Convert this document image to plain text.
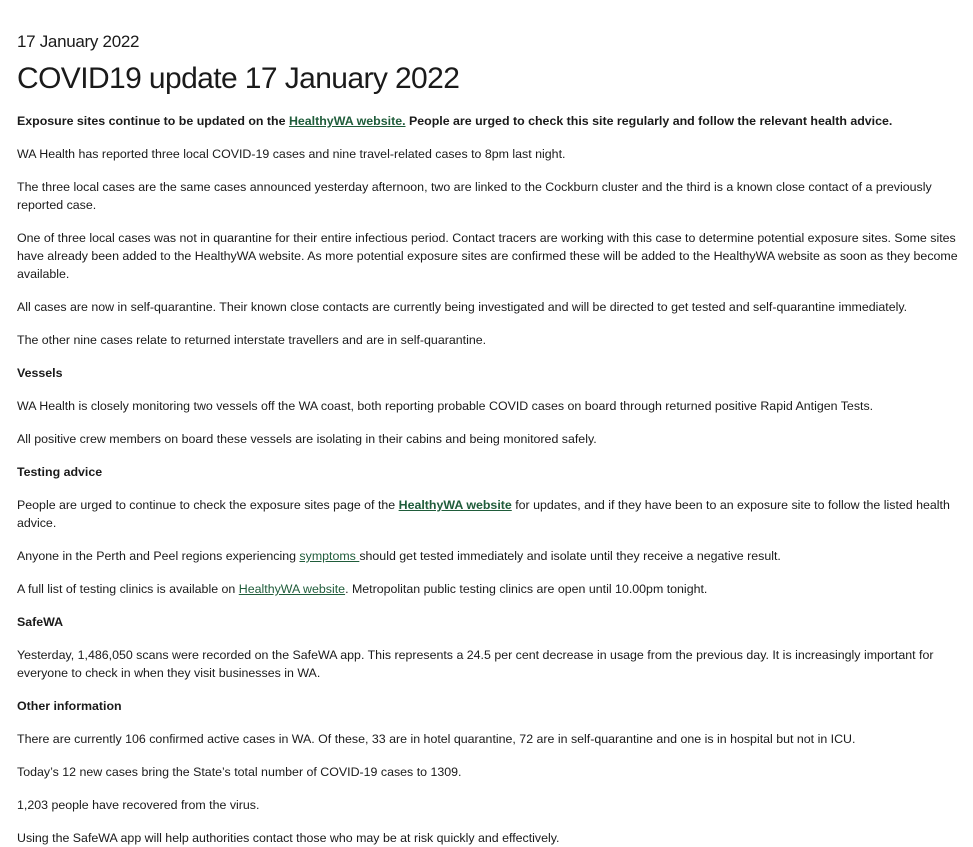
17 January 2022
COVID19 update 17 January 2022

Exposure sites continue to be updated on the HealthyWA website. People are urged to check this site regularly and follow the relevant health advice.

WA Health has reported three local COVID-19 cases and nine travel-related cases to 8pm last night.

The three local cases are the same cases announced yesterday afternoon, two are linked to the Cockburn cluster and the third is a known close contact of a previously reported case.

One of three local cases was not in quarantine for their entire infectious period. Contact tracers are working with this case to determine potential exposure sites. Some sites have already been added to the HealthyWA website. As more potential exposure sites are confirmed these will be added to the HealthyWA website as soon as they become available.

All cases are now in self-quarantine. Their known close contacts are currently being investigated and will be directed to get tested and self-quarantine immediately.

The other nine cases relate to returned interstate travellers and are in self-quarantine.

Vessels

WA Health is closely monitoring two vessels off the WA coast, both reporting probable COVID cases on board through returned positive Rapid Antigen Tests.

All positive crew members on board these vessels are isolating in their cabins and being monitored safely.

Testing advice

People are urged to continue to check the exposure sites page of the HealthyWA website for updates, and if they have been to an exposure site to follow the listed health advice.

Anyone in the Perth and Peel regions experiencing symptoms should get tested immediately and isolate until they receive a negative result.

A full list of testing clinics is available on HealthyWA website. Metropolitan public testing clinics are open until 10.00pm tonight.

SafeWA

Yesterday, 1,486,050 scans were recorded on the SafeWA app. This represents a 24.5 per cent decrease in usage from the previous day. It is increasingly important for everyone to check in when they visit businesses in WA.

Other information

There are currently 106 confirmed active cases in WA. Of these, 33 are in hotel quarantine, 72 are in self-quarantine and one is in hospital but not in ICU.

Today’s 12 new cases bring the State’s total number of COVID-19 cases to 1309.

1,203 people have recovered from the virus.

Using the SafeWA app will help authorities contact those who may be at risk quickly and effectively.
